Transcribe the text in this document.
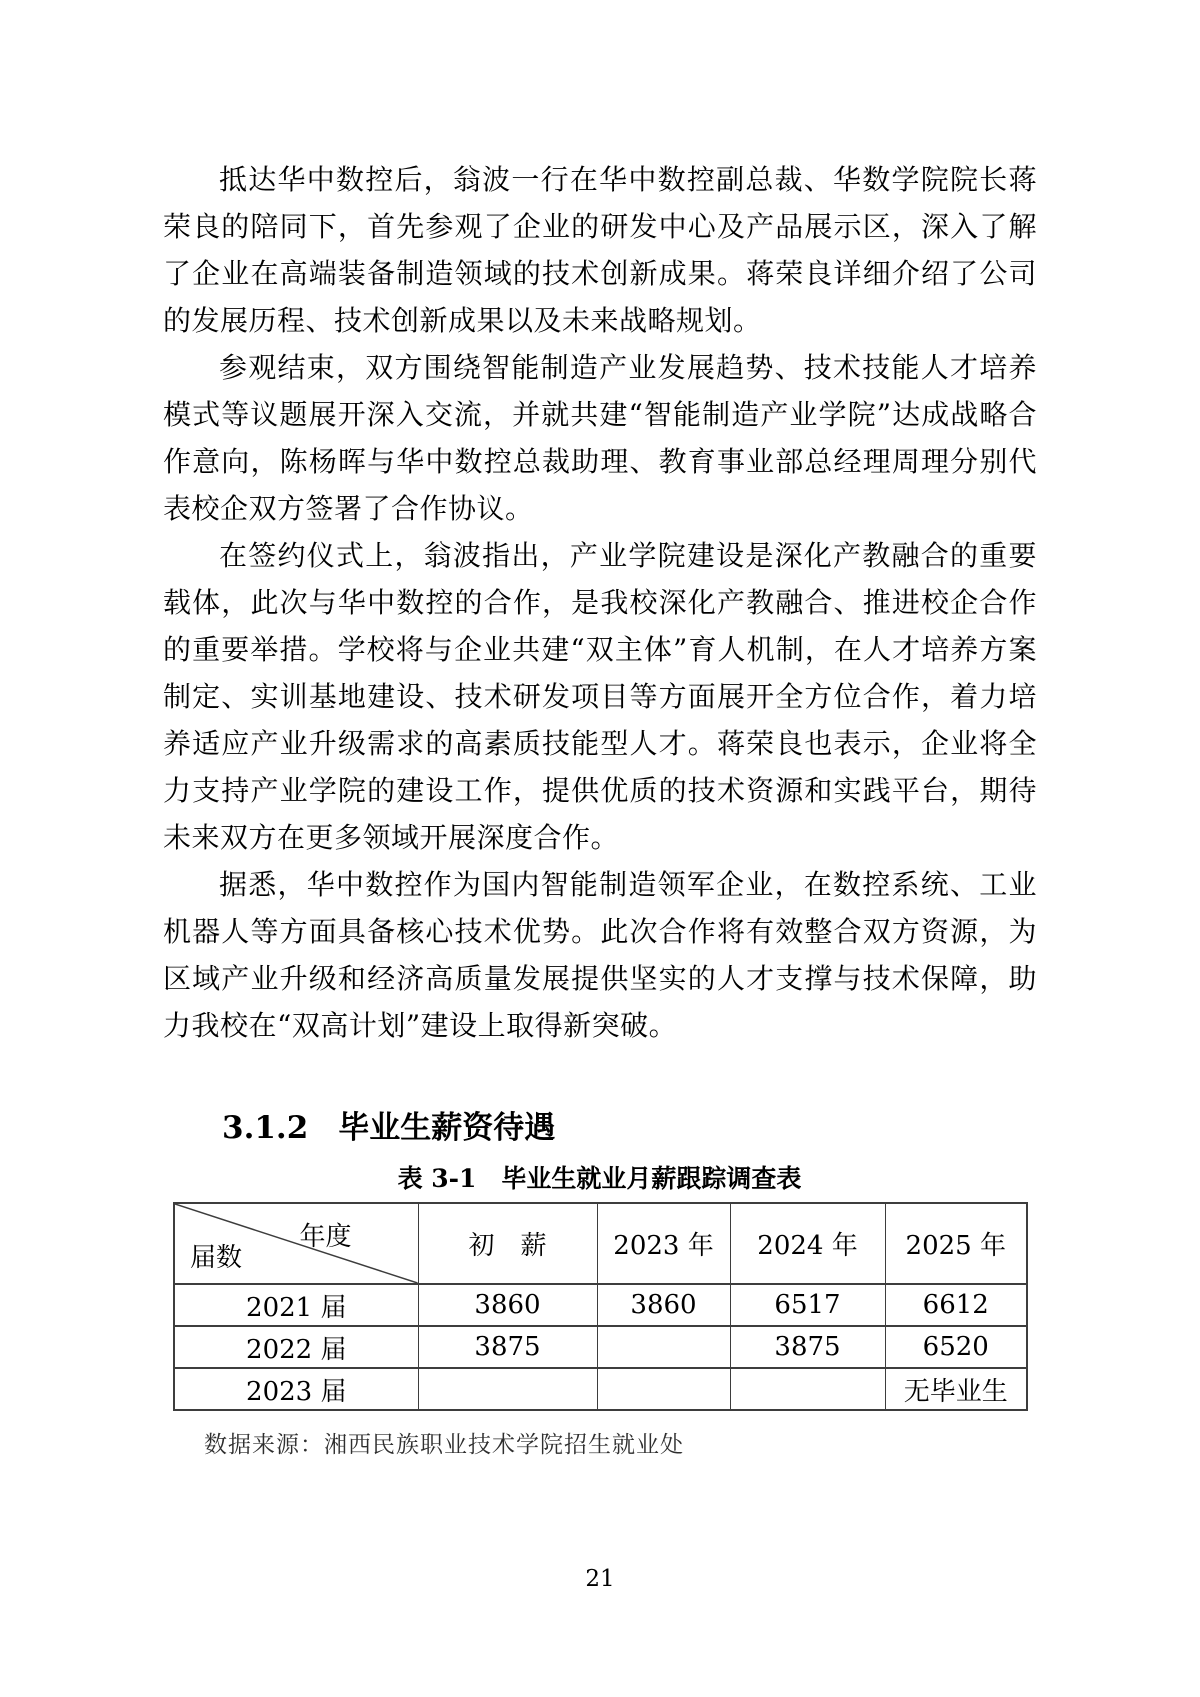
抵达华中数控后，翁波一行在华中数控副总裁、华数学院院长蒋荣良的陪同下，首先参观了企业的研发中心及产品展示区，深入了解了企业在高端装备制造领域的技术创新成果。蒋荣良详细介绍了公司的发展历程、技术创新成果以及未来战略规划。

参观结束，双方围绕智能制造产业发展趋势、技术技能人才培养模式等议题展开深入交流，并就共建“智能制造产业学院”达成战略合作意向，陈杨晖与华中数控总裁助理、教育事业部总经理周理分别代表校企双方签署了合作协议。

在签约仪式上，翁波指出，产业学院建设是深化产教融合的重要载体，此次与华中数控的合作，是我校深化产教融合、推进校企合作的重要举措。学校将与企业共建“双主体”育人机制，在人才培养方案制定、实训基地建设、技术研发项目等方面展开全方位合作，着力培养适应产业升级需求的高素质技能型人才。蒋荣良也表示，企业将全力支持产业学院的建设工作，提供优质的技术资源和实践平台，期待未来双方在更多领域开展深度合作。

据悉，华中数控作为国内智能制造领军企业，在数控系统、工业机器人等方面具备核心技术优势。此次合作将有效整合双方资源，为区域产业升级和经济高质量发展提供坚实的人才支撑与技术保障，助力我校在“双高计划”建设上取得新突破。

3.1.2 毕业生薪资待遇
表 3-1　毕业生就业月薪跟踪调查表
年度
届数	初　薪	2023 年	2024 年	2025 年
2021 届	3860	3860	6517	6612
2022 届	3875		3875	6520
2023 届				无毕业生
数据来源：湘西民族职业技术学院招生就业处
21
